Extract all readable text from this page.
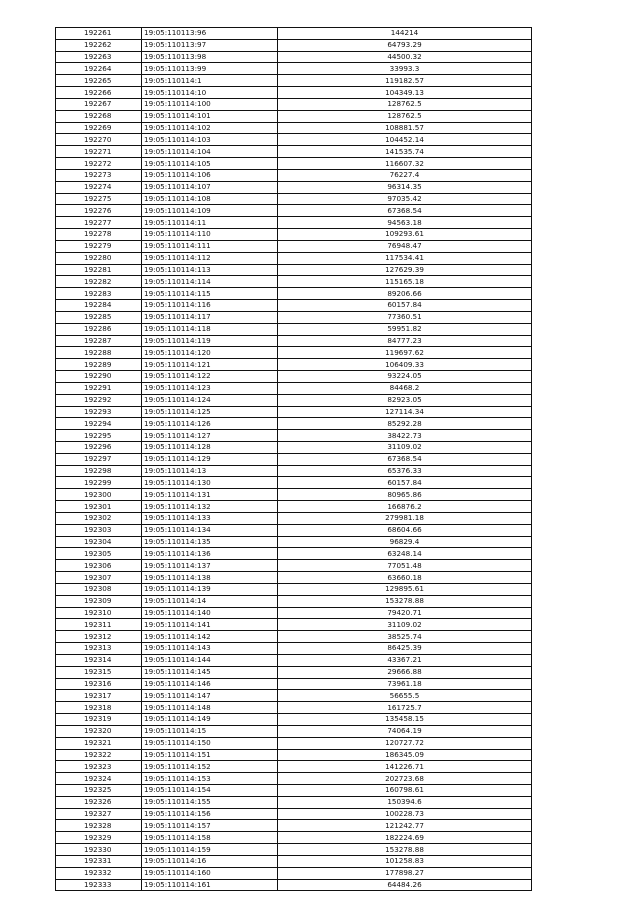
192261	19:05:110113:96	144214
192262	19:05:110113:97	64793.29
192263	19:05:110113:98	44500.32
192264	19:05:110113:99	33993.3
192265	19:05:110114:1	119182.57
192266	19:05:110114:10	104349.13
192267	19:05:110114:100	128762.5
192268	19:05:110114:101	128762.5
192269	19:05:110114:102	108881.57
192270	19:05:110114:103	104452.14
192271	19:05:110114:104	141535.74
192272	19:05:110114:105	116607.32
192273	19:05:110114:106	76227.4
192274	19:05:110114:107	96314.35
192275	19:05:110114:108	97035.42
192276	19:05:110114:109	67368.54
192277	19:05:110114:11	94563.18
192278	19:05:110114:110	109293.61
192279	19:05:110114:111	76948.47
192280	19:05:110114:112	117534.41
192281	19:05:110114:113	127629.39
192282	19:05:110114:114	115165.18
192283	19:05:110114:115	89206.66
192284	19:05:110114:116	60157.84
192285	19:05:110114:117	77360.51
192286	19:05:110114:118	59951.82
192287	19:05:110114:119	84777.23
192288	19:05:110114:120	119697.62
192289	19:05:110114:121	106409.33
192290	19:05:110114:122	93224.05
192291	19:05:110114:123	84468.2
192292	19:05:110114:124	82923.05
192293	19:05:110114:125	127114.34
192294	19:05:110114:126	85292.28
192295	19:05:110114:127	38422.73
192296	19:05:110114:128	31109.02
192297	19:05:110114:129	67368.54
192298	19:05:110114:13	65376.33
192299	19:05:110114:130	60157.84
192300	19:05:110114:131	80965.86
192301	19:05:110114:132	166876.2
192302	19:05:110114:133	279981.18
192303	19:05:110114:134	68604.66
192304	19:05:110114:135	96829.4
192305	19:05:110114:136	63248.14
192306	19:05:110114:137	77051.48
192307	19:05:110114:138	63660.18
192308	19:05:110114:139	129895.61
192309	19:05:110114:14	153278.88
192310	19:05:110114:140	79420.71
192311	19:05:110114:141	31109.02
192312	19:05:110114:142	38525.74
192313	19:05:110114:143	86425.39
192314	19:05:110114:144	43367.21
192315	19:05:110114:145	29666.88
192316	19:05:110114:146	73961.18
192317	19:05:110114:147	56655.5
192318	19:05:110114:148	161725.7
192319	19:05:110114:149	135458.15
192320	19:05:110114:15	74064.19
192321	19:05:110114:150	120727.72
192322	19:05:110114:151	186345.09
192323	19:05:110114:152	141226.71
192324	19:05:110114:153	202723.68
192325	19:05:110114:154	160798.61
192326	19:05:110114:155	150394.6
192327	19:05:110114:156	100228.73
192328	19:05:110114:157	121242.77
192329	19:05:110114:158	182224.69
192330	19:05:110114:159	153278.88
192331	19:05:110114:16	101258.83
192332	19:05:110114:160	177898.27
192333	19:05:110114:161	64484.26
